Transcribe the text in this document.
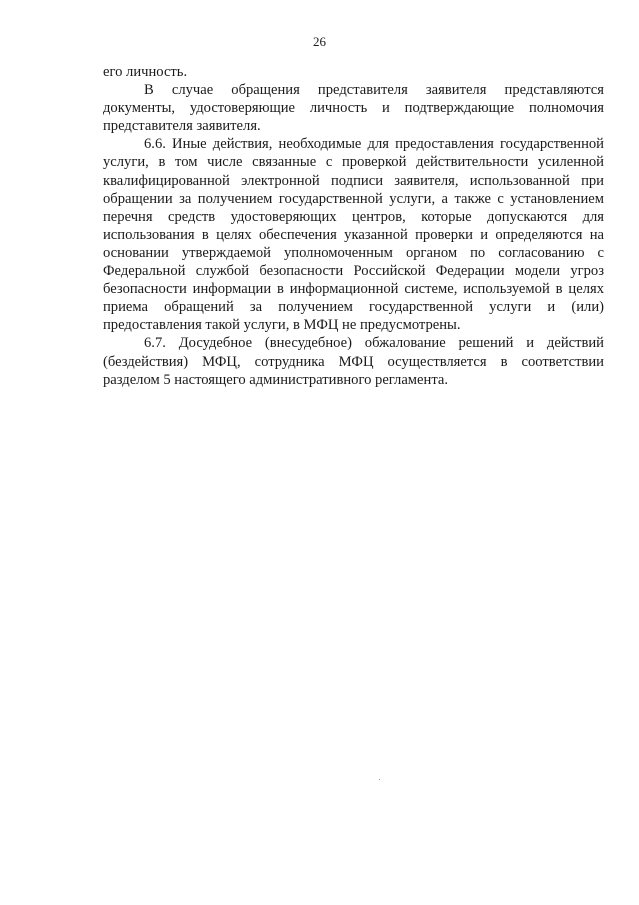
26
его личность.
В случае обращения представителя заявителя представляются
документы, удостоверяющие личность и подтверждающие полномочия
представителя заявителя.
6.6. Иные действия, необходимые для предоставления государственной
услуги, в том числе связанные с проверкой действительности усиленной
квалифицированной электронной подписи заявителя, использованной при
обращении за получением государственной услуги, а также с установлением
перечня средств удостоверяющих центров, которые допускаются для
использования в целях обеспечения указанной проверки и определяются на
основании утверждаемой уполномоченным органом по согласованию с
Федеральной службой безопасности Российской Федерации модели угроз
безопасности информации в информационной системе, используемой в целях
приема обращений за получением государственной услуги и (или)
предоставления такой услуги, в МФЦ не предусмотрены.
6.7. Досудебное (внесудебное) обжалование решений и действий
(бездействия) МФЦ, сотрудника МФЦ осуществляется в соответствии
разделом 5 настоящего административного регламента.
